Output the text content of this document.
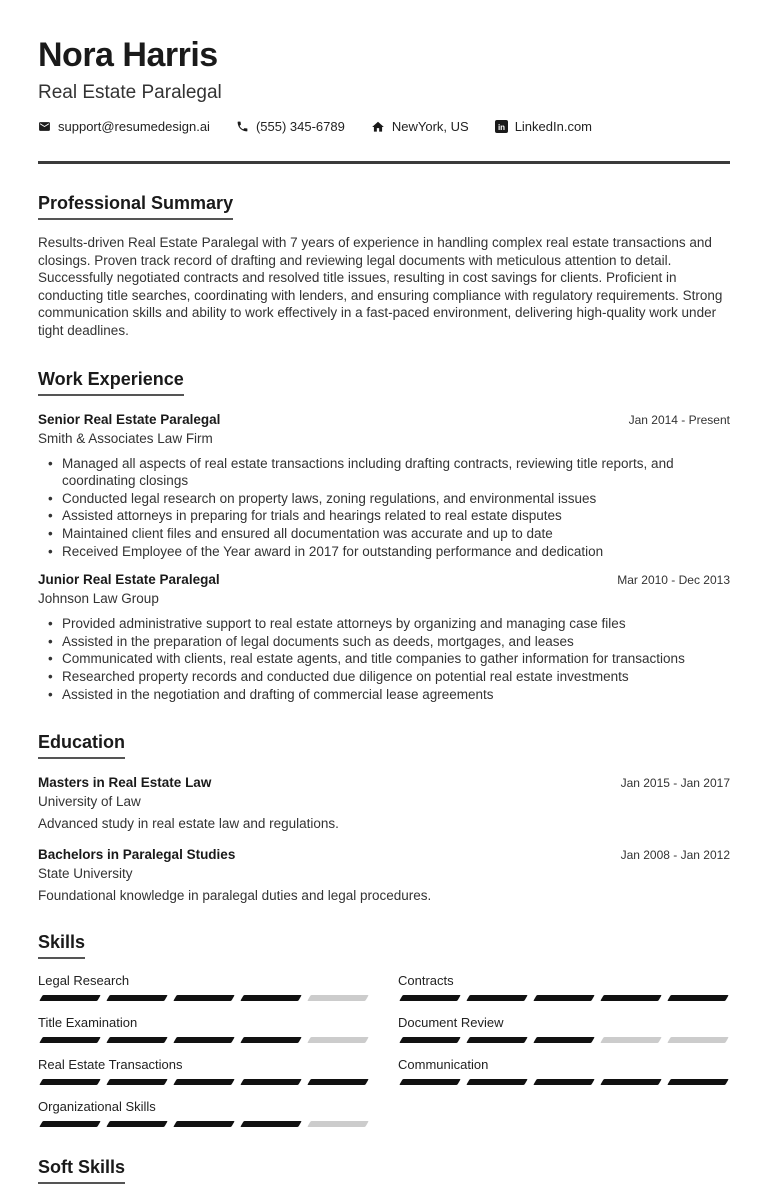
Nora Harris
Real Estate Paralegal
support@resumedesign.ai	(555) 345-6789	NewYork, US	in LinkedIn.com
Professional Summary

Results-driven Real Estate Paralegal with 7 years of experience in handling complex real estate transactions and closings. Proven track record of drafting and reviewing legal documents with meticulous attention to detail. Successfully negotiated contracts and resolved title issues, resulting in cost savings for clients. Proficient in conducting title searches, coordinating with lenders, and ensuring compliance with regulatory requirements. Strong communication skills and ability to work effectively in a fast-paced environment, delivering high-quality work under tight deadlines.

Work Experience
Senior Real Estate Paralegal	Jan 2014 - Present
Smith & Associates Law Firm
• Managed all aspects of real estate transactions including drafting contracts, reviewing title reports, and coordinating closings
• Conducted legal research on property laws, zoning regulations, and environmental issues
• Assisted attorneys in preparing for trials and hearings related to real estate disputes
• Maintained client files and ensured all documentation was accurate and up to date
• Received Employee of the Year award in 2017 for outstanding performance and dedication
Junior Real Estate Paralegal	Mar 2010 - Dec 2013
Johnson Law Group
• Provided administrative support to real estate attorneys by organizing and managing case files
• Assisted in the preparation of legal documents such as deeds, mortgages, and leases
• Communicated with clients, real estate agents, and title companies to gather information for transactions
• Researched property records and conducted due diligence on potential real estate investments
• Assisted in the negotiation and drafting of commercial lease agreements
Education
Masters in Real Estate Law	Jan 2015 - Jan 2017
University of Law
Advanced study in real estate law and regulations.
Bachelors in Paralegal Studies	Jan 2008 - Jan 2012
State University
Foundational knowledge in paralegal duties and legal procedures.
Skills
Legal Research	Contracts
Title Examination	Document Review
Real Estate Transactions	Communication
Organizational Skills
Soft Skills
